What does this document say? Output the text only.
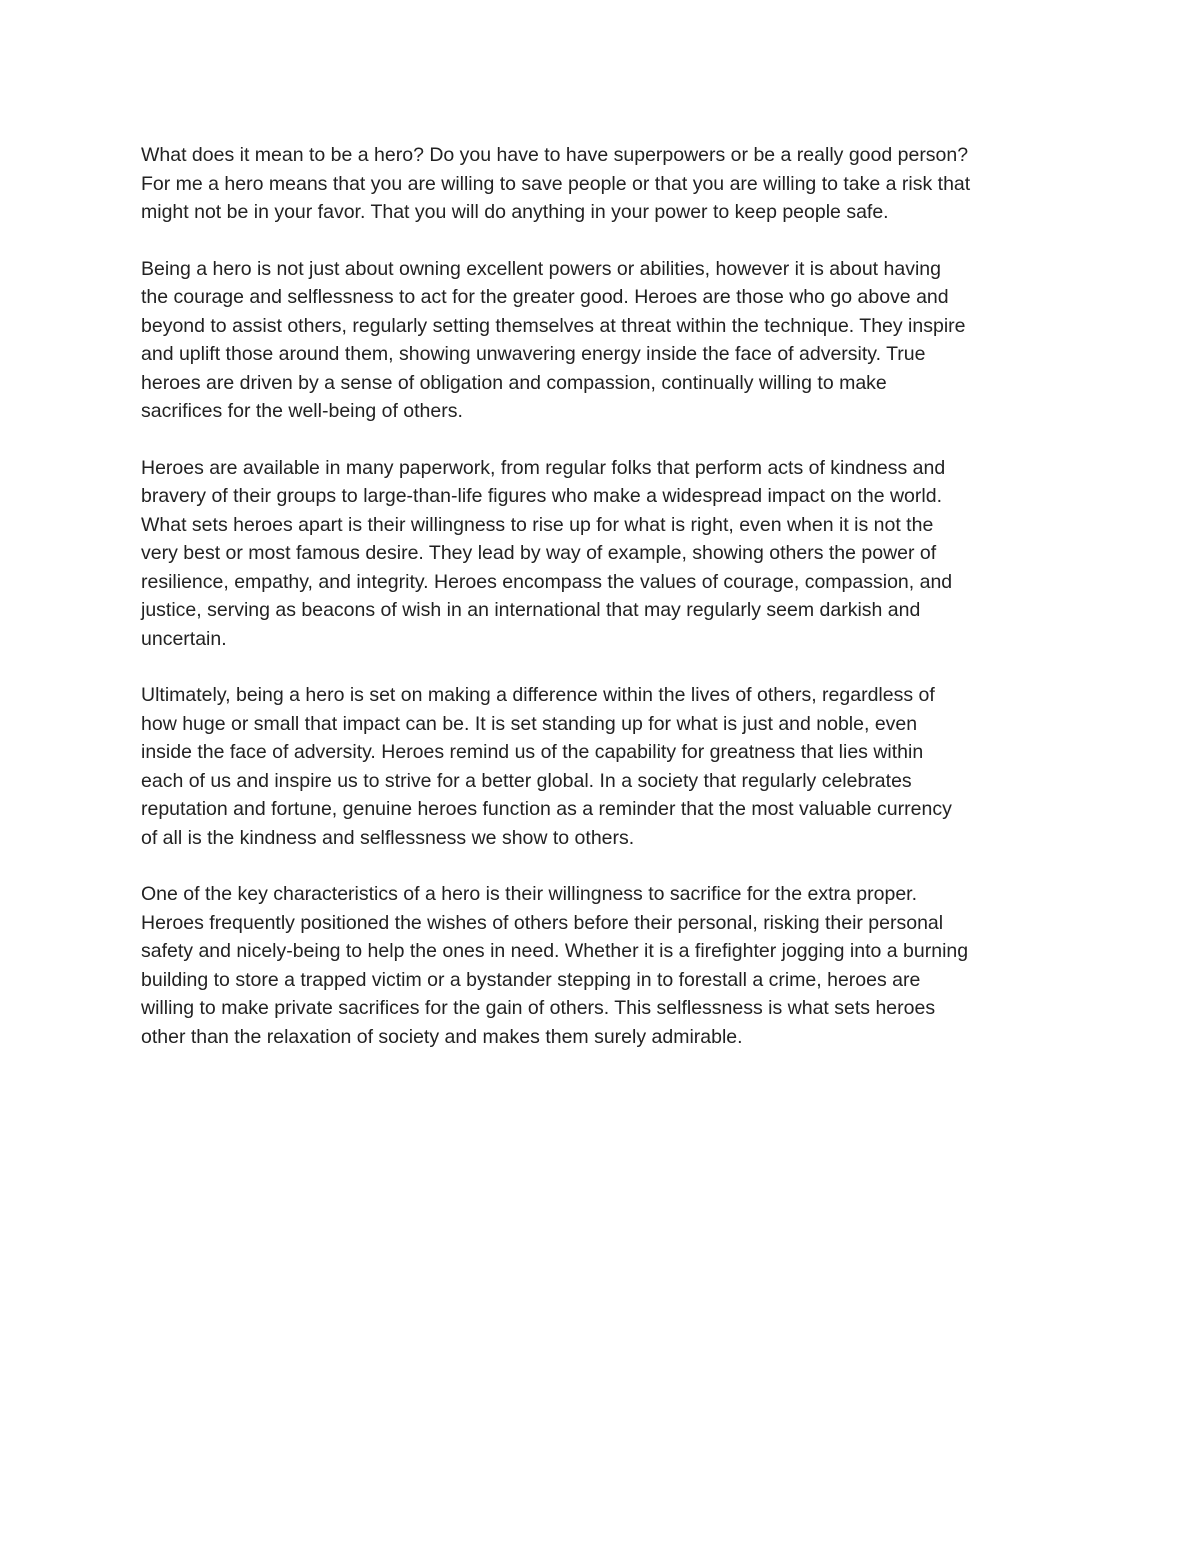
What does it mean to be a hero? Do you have to have superpowers or be a really good person?
For me a hero means that you are willing to save people or that you are willing to take a risk that
might not be in your favor. That you will do anything in your power to keep people safe.

Being a hero is not just about owning excellent powers or abilities, however it is about having
the courage and selflessness to act for the greater good. Heroes are those who go above and
beyond to assist others, regularly setting themselves at threat within the technique. They inspire
and uplift those around them, showing unwavering energy inside the face of adversity. True
heroes are driven by a sense of obligation and compassion, continually willing to make
sacrifices for the well-being of others.

Heroes are available in many paperwork, from regular folks that perform acts of kindness and
bravery of their groups to large-than-life figures who make a widespread impact on the world.
What sets heroes apart is their willingness to rise up for what is right, even when it is not the
very best or most famous desire. They lead by way of example, showing others the power of
resilience, empathy, and integrity. Heroes encompass the values of courage, compassion, and
justice, serving as beacons of wish in an international that may regularly seem darkish and
uncertain.

Ultimately, being a hero is set on making a difference within the lives of others, regardless of
how huge or small that impact can be. It is set standing up for what is just and noble, even
inside the face of adversity. Heroes remind us of the capability for greatness that lies within
each of us and inspire us to strive for a better global. In a society that regularly celebrates
reputation and fortune, genuine heroes function as a reminder that the most valuable currency
of all is the kindness and selflessness we show to others.

One of the key characteristics of a hero is their willingness to sacrifice for the extra proper.
Heroes frequently positioned the wishes of others before their personal, risking their personal
safety and nicely-being to help the ones in need. Whether it is a firefighter jogging into a burning
building to store a trapped victim or a bystander stepping in to forestall a crime, heroes are
willing to make private sacrifices for the gain of others. This selflessness is what sets heroes
other than the relaxation of society and makes them surely admirable.
